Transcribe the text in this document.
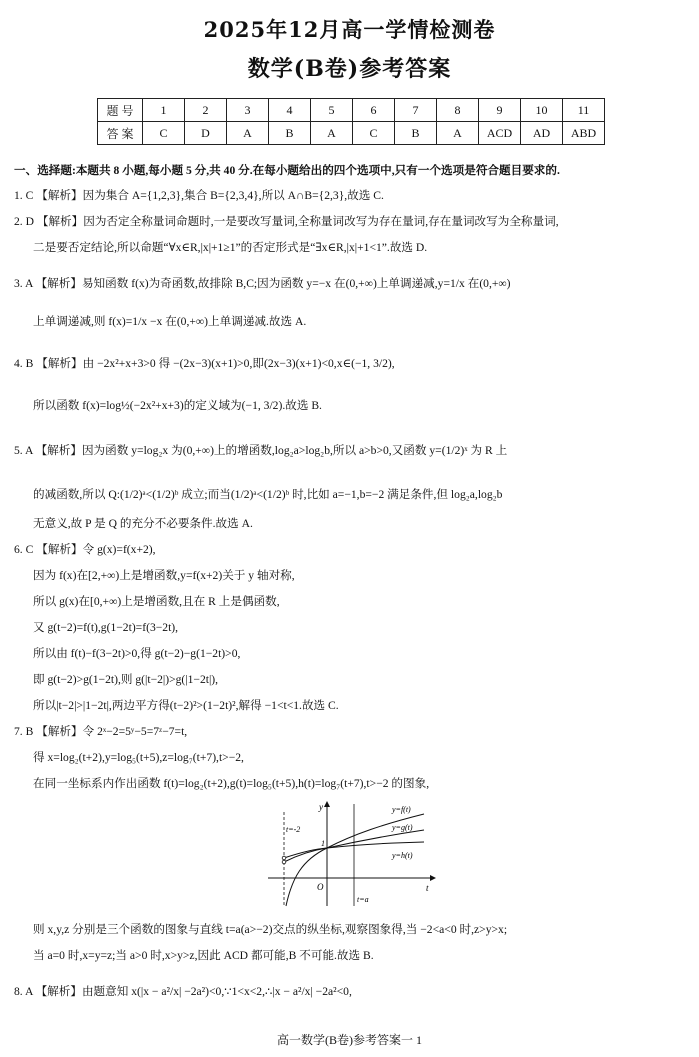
2025年12月高一学情检测卷
数学(B卷)参考答案
题 号	1	2	3	4	5	6	7	8	9	10	11
答 案	C	D	A	B	A	C	B	A	ACD	AD	ABD
一、选择题:本题共 8 小题,每小题 5 分,共 40 分.在每小题给出的四个选项中,只有一个选项是符合题目要求的.
1. C 【解析】因为集合 A={1,2,3},集合 B={2,3,4},所以 A∩B={2,3},故选 C.
2. D 【解析】因为否定全称量词命题时,一是要改写量词,全称量词改写为存在量词,存在量词改写为全称量词,
二是要否定结论,所以命题“∀x∈R,|x|+1≥1”的否定形式是“∃x∈R,|x|+1<1”.故选 D.
3. A 【解析】易知函数 f(x)为奇函数,故排除 B,C;因为函数 y=−x 在(0,+∞)上单调递减,y=1/x 在(0,+∞)
上单调递减,则 f(x)=1/x −x 在(0,+∞)上单调递减.故选 A.
4. B 【解析】由 −2x²+x+3>0 得 −(2x−3)(x+1)>0,即(2x−3)(x+1)<0,x∈(−1, 3/2),
所以函数 f(x)=log½(−2x²+x+3)的定义域为(−1, 3/2).故选 B.
5. A 【解析】因为函数 y=log₂x 为(0,+∞)上的增函数,log₂a>log₂b,所以 a>b>0,又函数 y=(1/2)ˣ 为 R 上
的减函数,所以 Q:(1/2)ᵃ<(1/2)ᵇ 成立;而当(1/2)ᵃ<(1/2)ᵇ 时,比如 a=−1,b=−2 满足条件,但 log₂a,log₂b
无意义,故 P 是 Q 的充分不必要条件.故选 A.
6. C 【解析】令 g(x)=f(x+2),
因为 f(x)在[2,+∞)上是增函数,y=f(x+2)关于 y 轴对称,
所以 g(x)在[0,+∞)上是增函数,且在 R 上是偶函数,
又 g(t−2)=f(t),g(1−2t)=f(3−2t),
所以由 f(t)−f(3−2t)>0,得 g(t−2)−g(1−2t)>0,
即 g(t−2)>g(1−2t),则 g(|t−2|)>g(|1−2t|),
所以|t−2|>|1−2t|,两边平方得(t−2)²>(1−2t)²,解得 −1<t<1.故选 C.
7. B 【解析】令 2ˣ−2=5ʸ−5=7ᶻ−7=t,
得 x=log₂(t+2),y=log₅(t+5),z=log₇(t+7),t>−2,
在同一坐标系内作出函数 f(t)=log₂(t+2),g(t)=log₅(t+5),h(t)=log₇(t+7),t>−2 的图象,
y
t
O
1
y=f(t)
y=g(t)
y=h(t)
t=-2
t=a
则 x,y,z 分别是三个函数的图象与直线 t=a(a>−2)交点的纵坐标,观察图象得,当 −2<a<0 时,z>y>x;
当 a=0 时,x=y=z;当 a>0 时,x>y>z,因此 ACD 都可能,B 不可能.故选 B.
8. A 【解析】由题意知 x(|x − a²/x| −2a²)<0,∵1<x<2,∴|x − a²/x| −2a²<0,
高一数学(B卷)参考答案一 1
